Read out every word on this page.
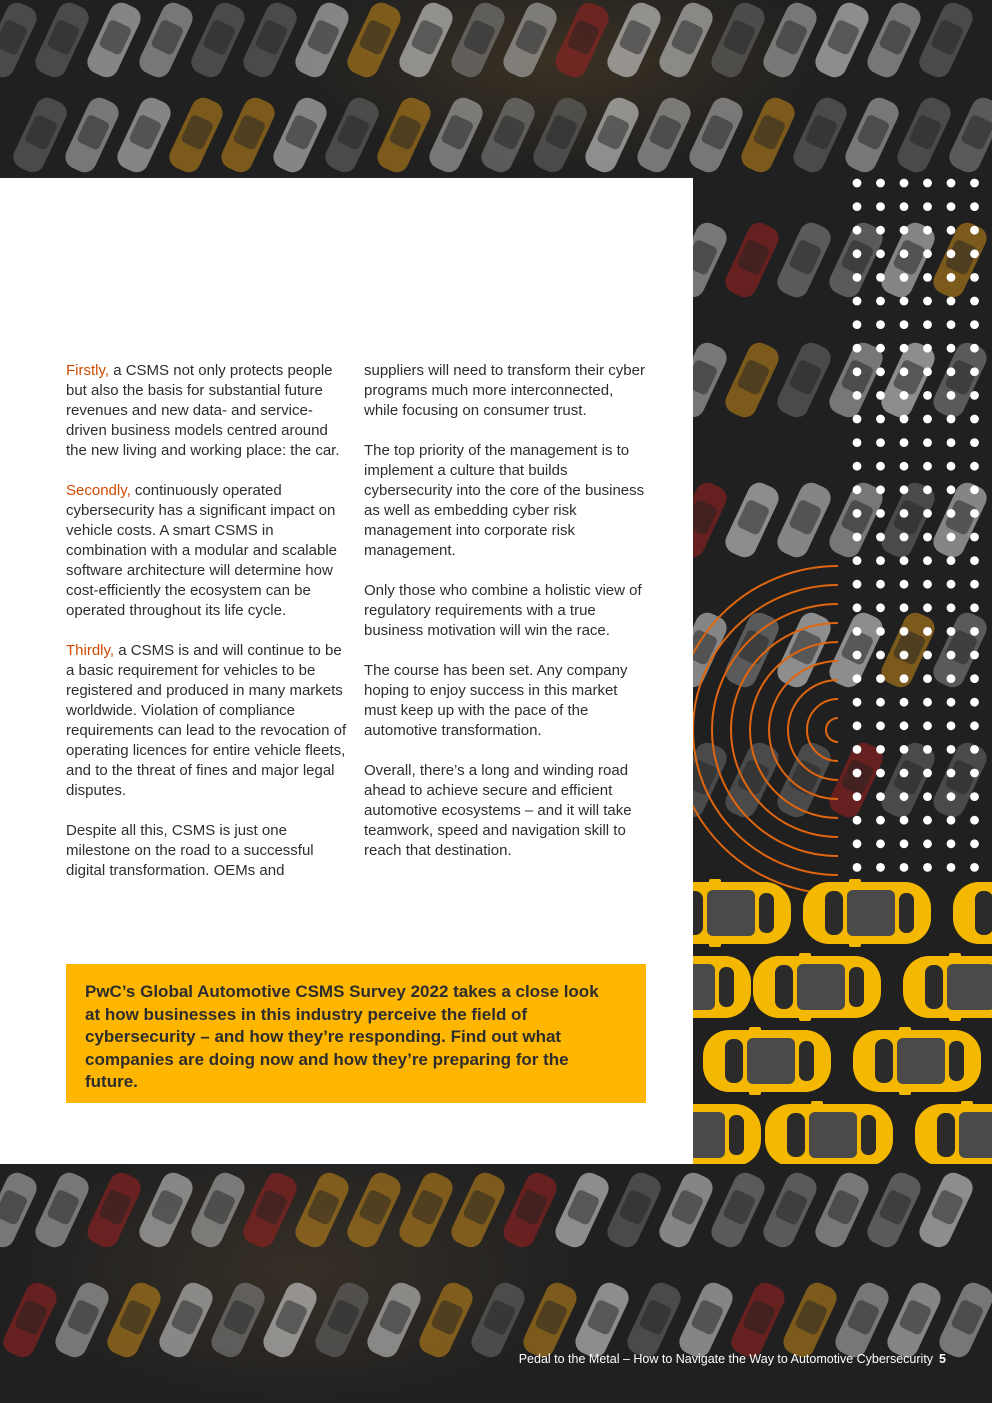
Firstly, a CSMS not only protects people but also the basis for substantial future revenues and new data- and service-driven business models centred around the new living and working place: the car.

Secondly, continuously operated cybersecurity has a significant impact on vehicle costs. A smart CSMS in combination with a modular and scalable software architecture will determine how cost-efficiently the ecosystem can be operated throughout its life cycle.

Thirdly, a CSMS is and will continue to be a basic requirement for vehicles to be registered and produced in many markets worldwide. Violation of compliance requirements can lead to the revocation of operating licences for entire vehicle fleets, and to the threat of fines and major legal disputes.

Despite all this, CSMS is just one milestone on the road to a successful digital transformation. OEMs and

suppliers will need to transform their cyber programs much more interconnected, while focusing on consumer trust.

The top priority of the management is to implement a culture that builds cybersecurity into the core of the business as well as embedding cyber risk management into corporate risk management.

Only those who combine a holistic view of regulatory requirements with a true business motivation will win the race.

The course has been set. Any company hoping to enjoy success in this market must keep up with the pace of the automotive transformation.

Overall, there’s a long and winding road ahead to achieve secure and efficient automotive ecosystems – and it will take teamwork, speed and navigation skill to reach that destination.

PwC’s Global Automotive CSMS Survey 2022 takes a close look at how businesses in this industry perceive the field of cybersecurity – and how they’re responding. Find out what companies are doing now and how they’re preparing for the future.
Pedal to the Metal – How to Navigate the Way to Automotive Cybersecurity 5
